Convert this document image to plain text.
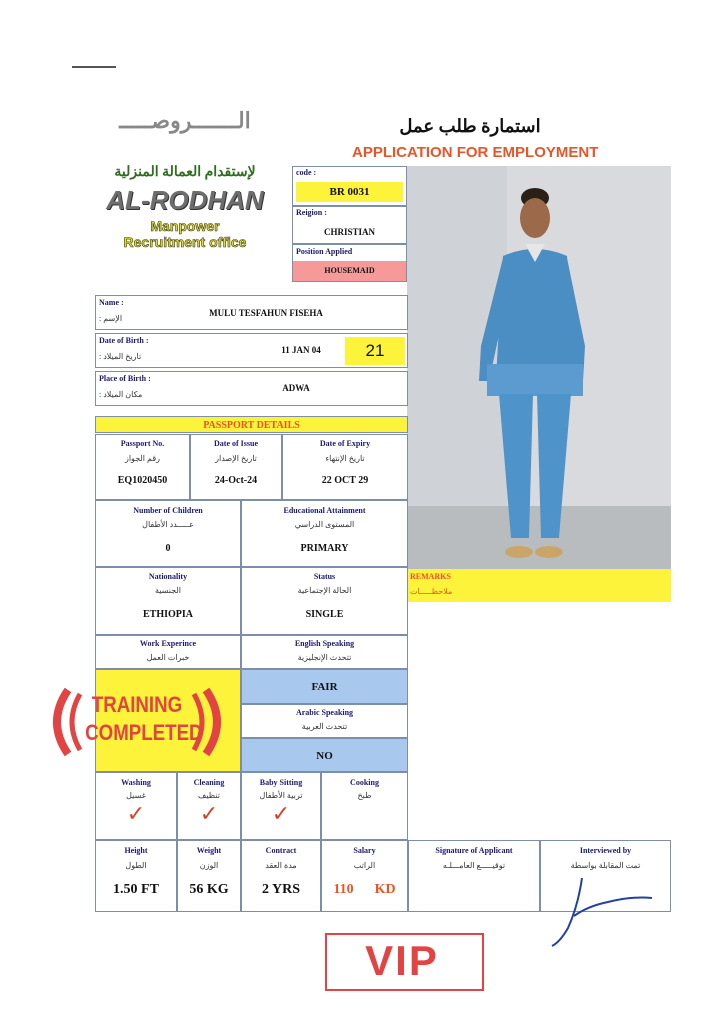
استمارة طلب عمل
APPLICATION FOR EMPLOYMENT
الـــــــروصـــــ
لإستقدام العمالة المنزلية
AL-RODHAN
Manpower
Recruitment office
code :
BR 0031
Reigion :
CHRISTIAN
Position Applied
HOUSEMAID
Name :
الإسم :
MULU TESFAHUN FISEHA
Date of Birth :
تاريخ الميلاد :
11 JAN 04	21
Place of Birth :
مكان الميلاد :
ADWA
PASSPORT DETAILS
Passport No.
رقم الجواز
EQ1020450
Date of Issue
تاريخ الإصدار
24-Oct-24
Date of Expiry
تاريخ الإنتهاء
22 OCT 29
Number of Children
عـــــدد الأطفال
0
Educational Attainment
المستوى الدراسي
PRIMARY
Nationality
الجنسية
ETHIOPIA
Status
الحالة الإجتماعية
SINGLE
REMARKS
ملاحظـــــات
Work Experince
خبرات العمل
TRAINING
COMPLETED
English Speaking
تتحدث الإنجليزية
FAIR
Arabic Speaking
تتحدث العربية
NO
Washing
غسيل
✓
Cleaning
تنظيف
✓
Baby Sitting
تربية الأطفال
✓
Cooking
طبخ
Height
الطول
1.50 FT
Weight
الوزن
56 KG
Contract
مدة العقد
2 YRS
Salary
الراتب
110 KD
Signature of Applicant
توقيـــــع العامـــلـه
Interviewed by
تمت المقابلة بواسطة
VIP
